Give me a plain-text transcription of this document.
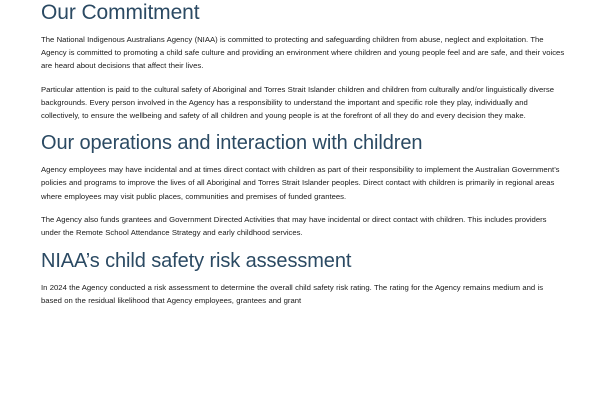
Our Commitment

The National Indigenous Australians Agency (NIAA) is committed to protecting and safeguarding children from abuse, neglect and exploitation. The Agency is committed to promoting a child safe culture and providing an environment where children and young people feel and are safe, and their voices are heard about decisions that affect their lives.

Particular attention is paid to the cultural safety of Aboriginal and Torres Strait Islander children and children from culturally and/or linguistically diverse backgrounds. Every person involved in the Agency has a responsibility to understand the important and specific role they play, individually and collectively, to ensure the wellbeing and safety of all children and young people is at the forefront of all they do and every decision they make.

Our operations and interaction with children

Agency employees may have incidental and at times direct contact with children as part of their responsibility to implement the Australian Government’s policies and programs to improve the lives of all Aboriginal and Torres Strait Islander peoples. Direct contact with children is primarily in regional areas where employees may visit public places, communities and premises of funded grantees.

The Agency also funds grantees and Government Directed Activities that may have incidental or direct contact with children. This includes providers under the Remote School Attendance Strategy and early childhood services.

NIAA’s child safety risk assessment

In 2024 the Agency conducted a risk assessment to determine the overall child safety risk rating. The rating for the Agency remains medium and is based on the residual likelihood that Agency employees, grantees and grant
